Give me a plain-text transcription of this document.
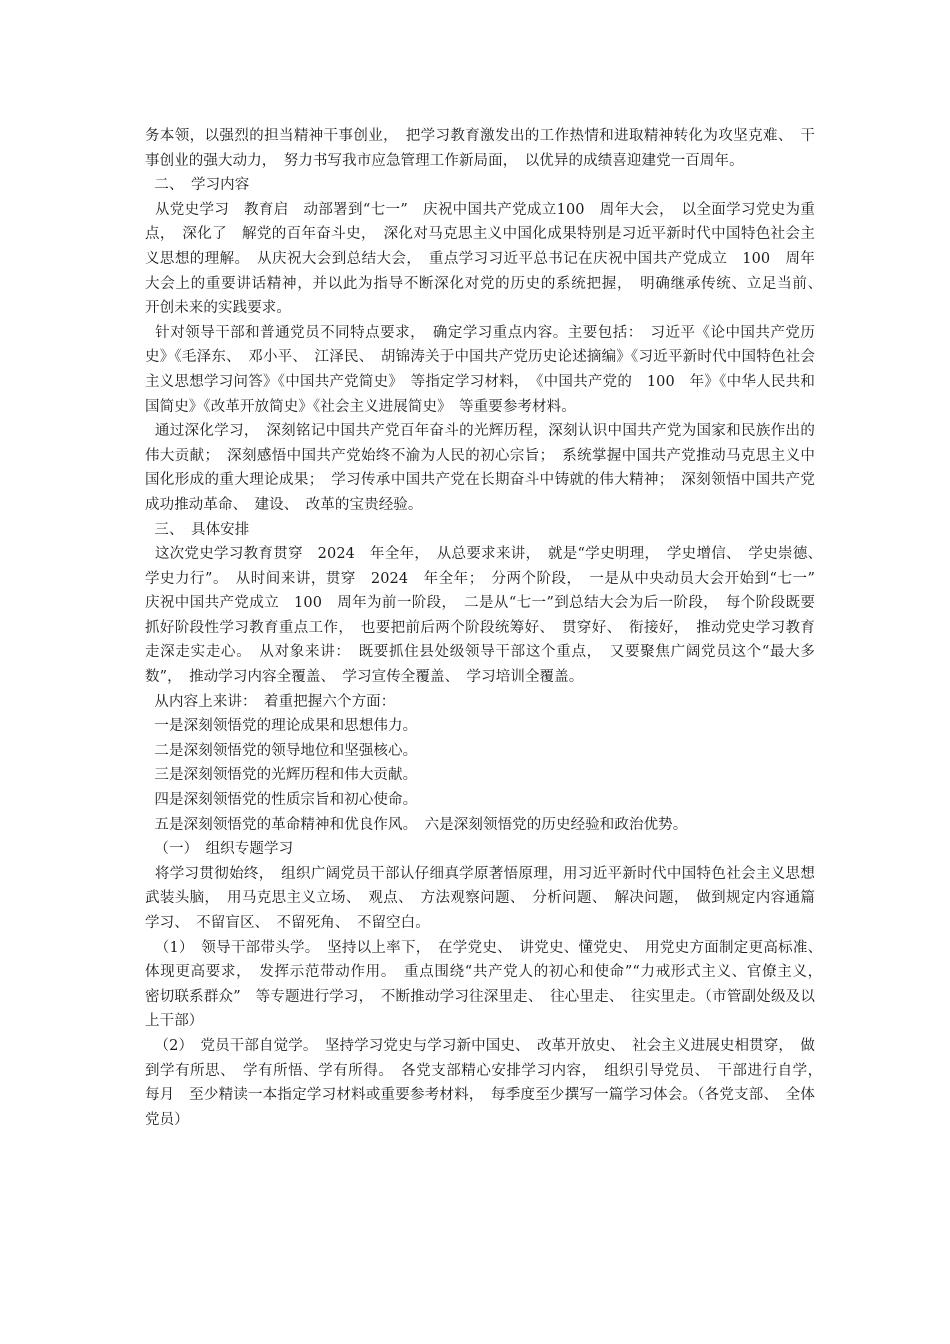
务本领，以强烈的担当精神干事创业，　把学习教育激发出的工作热情和进取精神转化为攻坚克难、　干事创业的强大动力，　努力书写我市应急管理工作新局面，　以优异的成绩喜迎建党一百周年。

二、　学习内容

从党史学习　教育启　动部署到“七一”　庆祝中国共产党成立100　周年大会，　以全面学习党史为重点，　深化了　解党的百年奋斗史，　深化对马克思主义中国化成果特别是习近平新时代中国特色社会主义思想的理解。　从庆祝大会到总结大会，　重点学习习近平总书记在庆祝中国共产党成立　100　周年大会上的重要讲话精神，并以此为指导不断深化对党的历史的系统把握，　明确继承传统、立足当前、　开创未来的实践要求。

针对领导干部和普通党员不同特点要求，　确定学习重点内容。主要包括：　习近平《论中国共产党历史》《毛泽东、　邓小平、　江泽民、　胡锦涛关于中国共产党历史论述摘编》《习近平新时代中国特色社会主义思想学习问答》《中国共产党简史》　等指定学习材料，　《中国共产党的　100　年》《中华人民共和国简史》《改革开放简史》《社会主义进展简史》　等重要参考材料。

通过深化学习，　深刻铭记中国共产党百年奋斗的光辉历程，深刻认识中国共产党为国家和民族作出的伟大贡献；　深刻感悟中国共产党始终不渝为人民的初心宗旨；　系统掌握中国共产党推动马克思主义中国化形成的重大理论成果；　学习传承中国共产党在长期奋斗中铸就的伟大精神；　深刻领悟中国共产党成功推动革命、　建设、　改革的宝贵经验。

三、　具体安排

这次党史学习教育贯穿　2024　年全年，　从总要求来讲，　就是“学史明理，　学史增信、　学史崇德、　学史力行”。　从时间来讲，贯穿　2024　年全年；　分两个阶段，　一是从中央动员大会开始到“七一”　庆祝中国共产党成立　100　周年为前一阶段，　二是从“七一”到总结大会为后一阶段，　每个阶段既要抓好阶段性学习教育重点工作，　也要把前后两个阶段统筹好、　贯穿好、　衔接好，　推动党史学习教育走深走实走心。　从对象来讲：　既要抓住县处级领导干部这个重点，　又要聚焦广阔党员这个“最大多数”，　推动学习内容全覆盖、　学习宣传全覆盖、　学习培训全覆盖。

从内容上来讲：　着重把握六个方面：

一是深刻领悟党的理论成果和思想伟力。

二是深刻领悟党的领导地位和坚强核心。

三是深刻领悟党的光辉历程和伟大贡献。

四是深刻领悟党的性质宗旨和初心使命。

五是深刻领悟党的革命精神和优良作风。　六是深刻领悟党的历史经验和政治优势。

（一）　组织专题学习

将学习贯彻始终，　组织广阔党员干部认仔细真学原著悟原理，用习近平新时代中国特色社会主义思想武装头脑，　用马克思主义立场、　观点、　方法观察问题、　分析问题、　解决问题，　做到规定内容通篇学习、　不留盲区、　不留死角、　不留空白。

（1）　领导干部带头学。　坚持以上率下，　在学党史、　讲党史、懂党史、　用党史方面制定更高标准、　体现更高要求，　发挥示范带动作用。　重点围绕“共产党人的初心和使命”“力戒形式主义、官僚主义，　密切联系群众”　等专题进行学习，　不断推动学习往深里走、　往心里走、　往实里走。（市管副处级及以上干部）

（2）　党员干部自觉学。　坚持学习党史与学习新中国史、　改革开放史、　社会主义进展史相贯穿，　做到学有所思、　学有所悟、学有所得。　各党支部精心安排学习内容，　组织引导党员、　干部进行自学，　每月　至少精读一本指定学习材料或重要参考材料，　每季度至少撰写一篇学习体会。（各党支部、　全体党员）
